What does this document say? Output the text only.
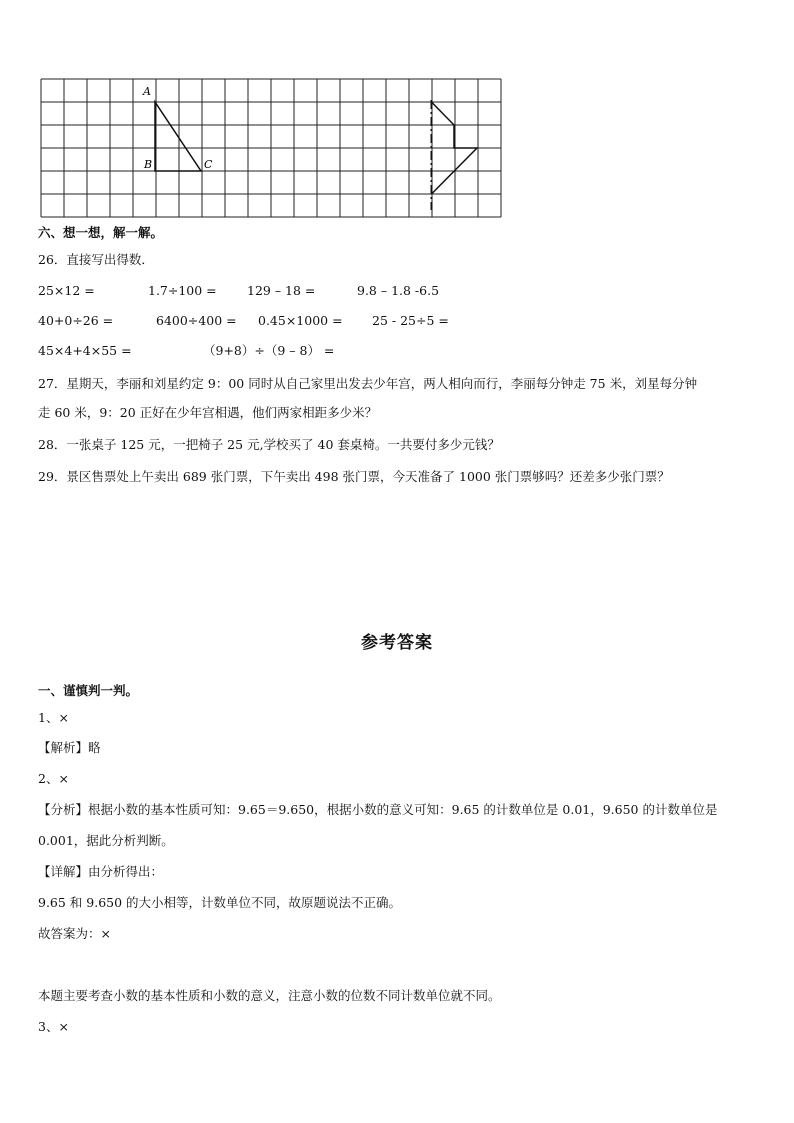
A
B	C

六、想一想，解一解。

26．直接写出得数．

25×12 =	1.7÷100 = 129 – 18 =	9.8 – 1.8 -6.5
40+0÷26 =	6400÷400 = 0.45×1000 = 25 - 25÷5 =
45×4+4×55 =	（9+8）÷（9 – 8） =

27．星期天，李丽和刘星约定 9：00 同时从自己家里出发去少年宫，两人相向而行，李丽每分钟走 75 米，刘星每分钟

走 60 米，9：20 正好在少年宫相遇，他们两家相距多少米？

28．一张桌子 125 元，一把椅子 25 元,学校买了 40 套桌椅。一共要付多少元钱？

29．景区售票处上午卖出 689 张门票，下午卖出 498 张门票，今天准备了 1000 张门票够吗？还差多少张门票？

参考答案

一、谨慎判一判。

1、×

【解析】略

2、×

【分析】根据小数的基本性质可知：9.65＝9.650，根据小数的意义可知：9.65 的计数单位是 0.01，9.650 的计数单位是

0.001，据此分析判断。

【详解】由分析得出：

9.65 和 9.650 的大小相等，计数单位不同，故原题说法不正确。

故答案为：×

本题主要考查小数的基本性质和小数的意义，注意小数的位数不同计数单位就不同。

3、×
